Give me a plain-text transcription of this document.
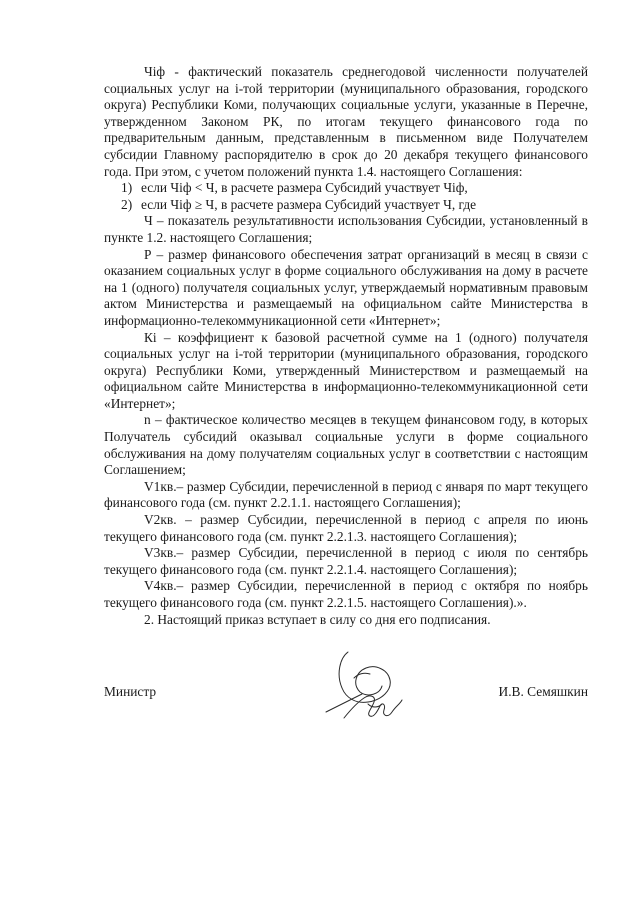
Чiф - фактический показатель среднегодовой численности получателей социальных услуг на i-той территории (муниципального образования, городского округа) Республики Коми, получающих социальные услуги, указанные в Перечне, утвержденном Законом РК, по итогам текущего финансового года по предварительным данным, представленным в письменном виде Получателем субсидии Главному распорядителю в срок до 20 декабря текущего финансового года. При этом, с учетом положений пункта 1.4. настоящего Соглашения:

1) если Чiф < Ч, в расчете размера Субсидий участвует Чiф,

2) если Чiф ≥ Ч, в расчете размера Субсидий участвует Ч, где

Ч – показатель результативности использования Субсидии, установленный в пункте 1.2. настоящего Соглашения;

Р – размер финансового обеспечения затрат организаций в месяц в связи с оказанием социальных услуг в форме социального обслуживания на дому в расчете на 1 (одного) получателя социальных услуг, утверждаемый нормативным правовым актом Министерства и размещаемый на официальном сайте Министерства в информационно-телекоммуникационной сети «Интернет»;

Кi – коэффициент к базовой расчетной сумме на 1 (одного) получателя социальных услуг на i-той территории (муниципального образования, городского округа) Республики Коми, утвержденный Министерством и размещаемый на официальном сайте Министерства в информационно-телекоммуникационной сети «Интернет»;

n – фактическое количество месяцев в текущем финансовом году, в которых Получатель субсидий оказывал социальные услуги в форме социального обслуживания на дому получателям социальных услуг в соответствии с настоящим Соглашением;

V1кв.– размер Субсидии, перечисленной в период с января по март текущего финансового года (см. пункт 2.2.1.1. настоящего Соглашения);

V2кв. – размер Субсидии, перечисленной в период с апреля по июнь текущего финансового года (см. пункт 2.2.1.3. настоящего Соглашения);

V3кв.– размер Субсидии, перечисленной в период с июля по сентябрь текущего финансового года (см. пункт 2.2.1.4. настоящего Соглашения);

V4кв.– размер Субсидии, перечисленной в период с октября по ноябрь текущего финансового года (см. пункт 2.2.1.5. настоящего Соглашения).».

2. Настоящий приказ вступает в силу со дня его подписания.

Министр	И.В. Семяшкин
